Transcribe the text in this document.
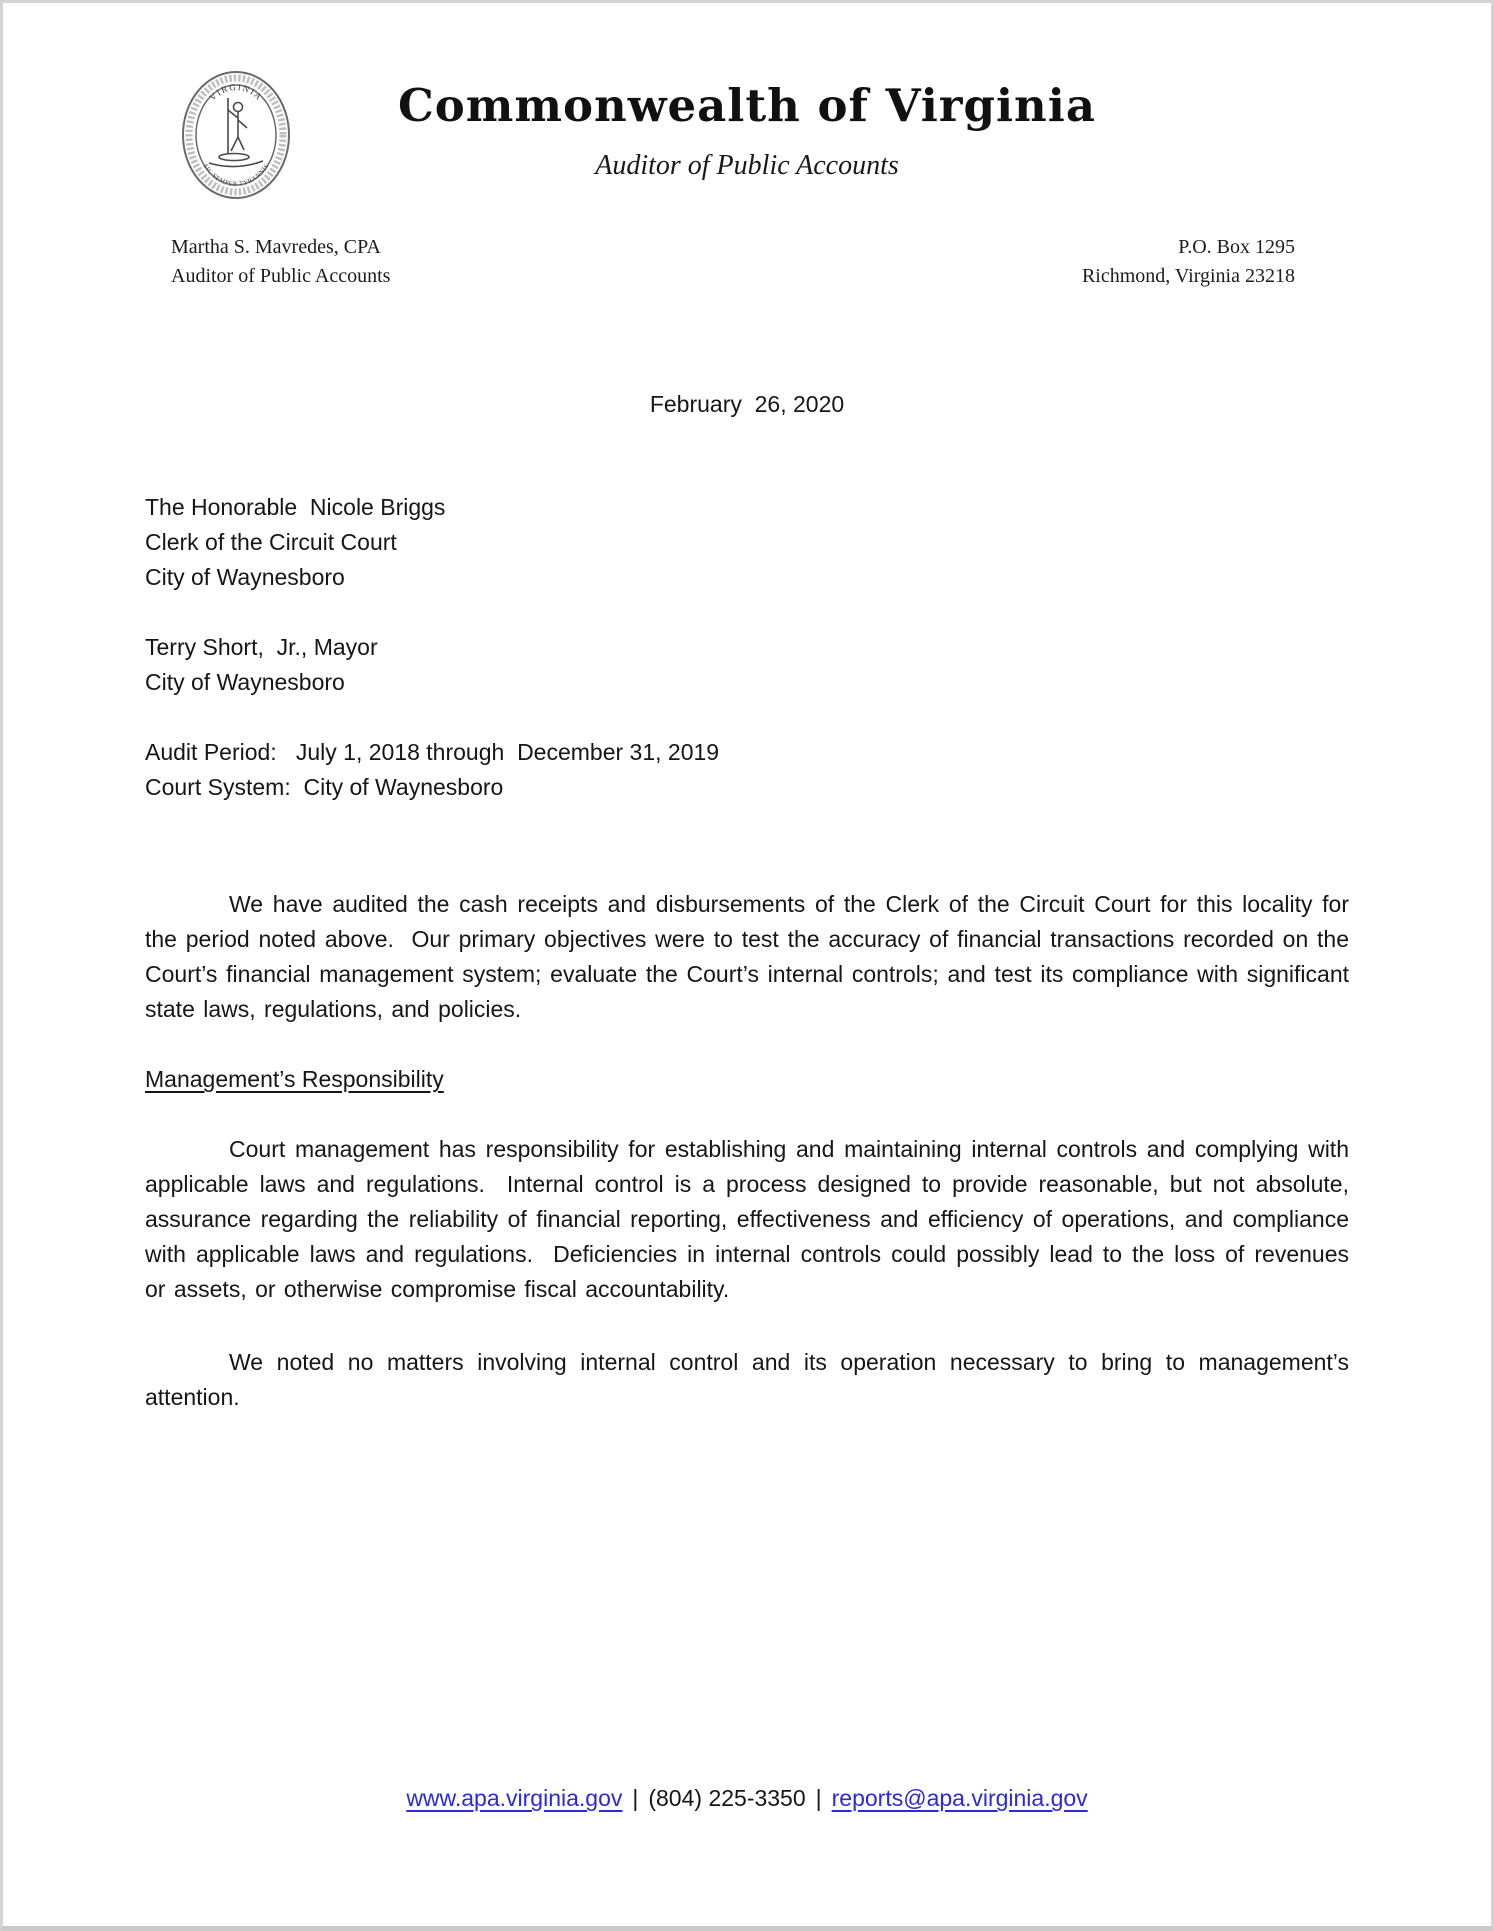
VIRGINIA
SIC SEMPER TYRANNIS
Commonwealth of Virginia
Auditor of Public Accounts
Martha S. Mavredes, CPA
Auditor of Public Accounts
P.O. Box 1295
Richmond, Virginia 23218
February  26, 2020
The Honorable  Nicole Briggs
Clerk of the Circuit Court
City of Waynesboro
Terry Short,  Jr., Mayor
City of Waynesboro
Audit Period:   July 1, 2018 through  December 31, 2019
Court System:  City of Waynesboro
We have audited the cash receipts and disbursements of the Clerk of the Circuit Court for this locality for the period noted above.  Our primary objectives were to test the accuracy of financial transactions recorded on the Court’s financial management system; evaluate the Court’s internal controls; and test its compliance with significant state laws, regulations, and policies.
Management’s Responsibility
Court management has responsibility for establishing and maintaining internal controls and complying with applicable laws and regulations.  Internal control is a process designed to provide reasonable, but not absolute, assurance regarding the reliability of financial reporting, effectiveness and efficiency of operations, and compliance with applicable laws and regulations.  Deficiencies in internal controls could possibly lead to the loss of revenues or assets, or otherwise compromise fiscal accountability.
We noted no matters involving internal control and its operation necessary to bring to management’s attention.
www.apa.virginia.gov | (804) 225-3350 | reports@apa.virginia.gov
